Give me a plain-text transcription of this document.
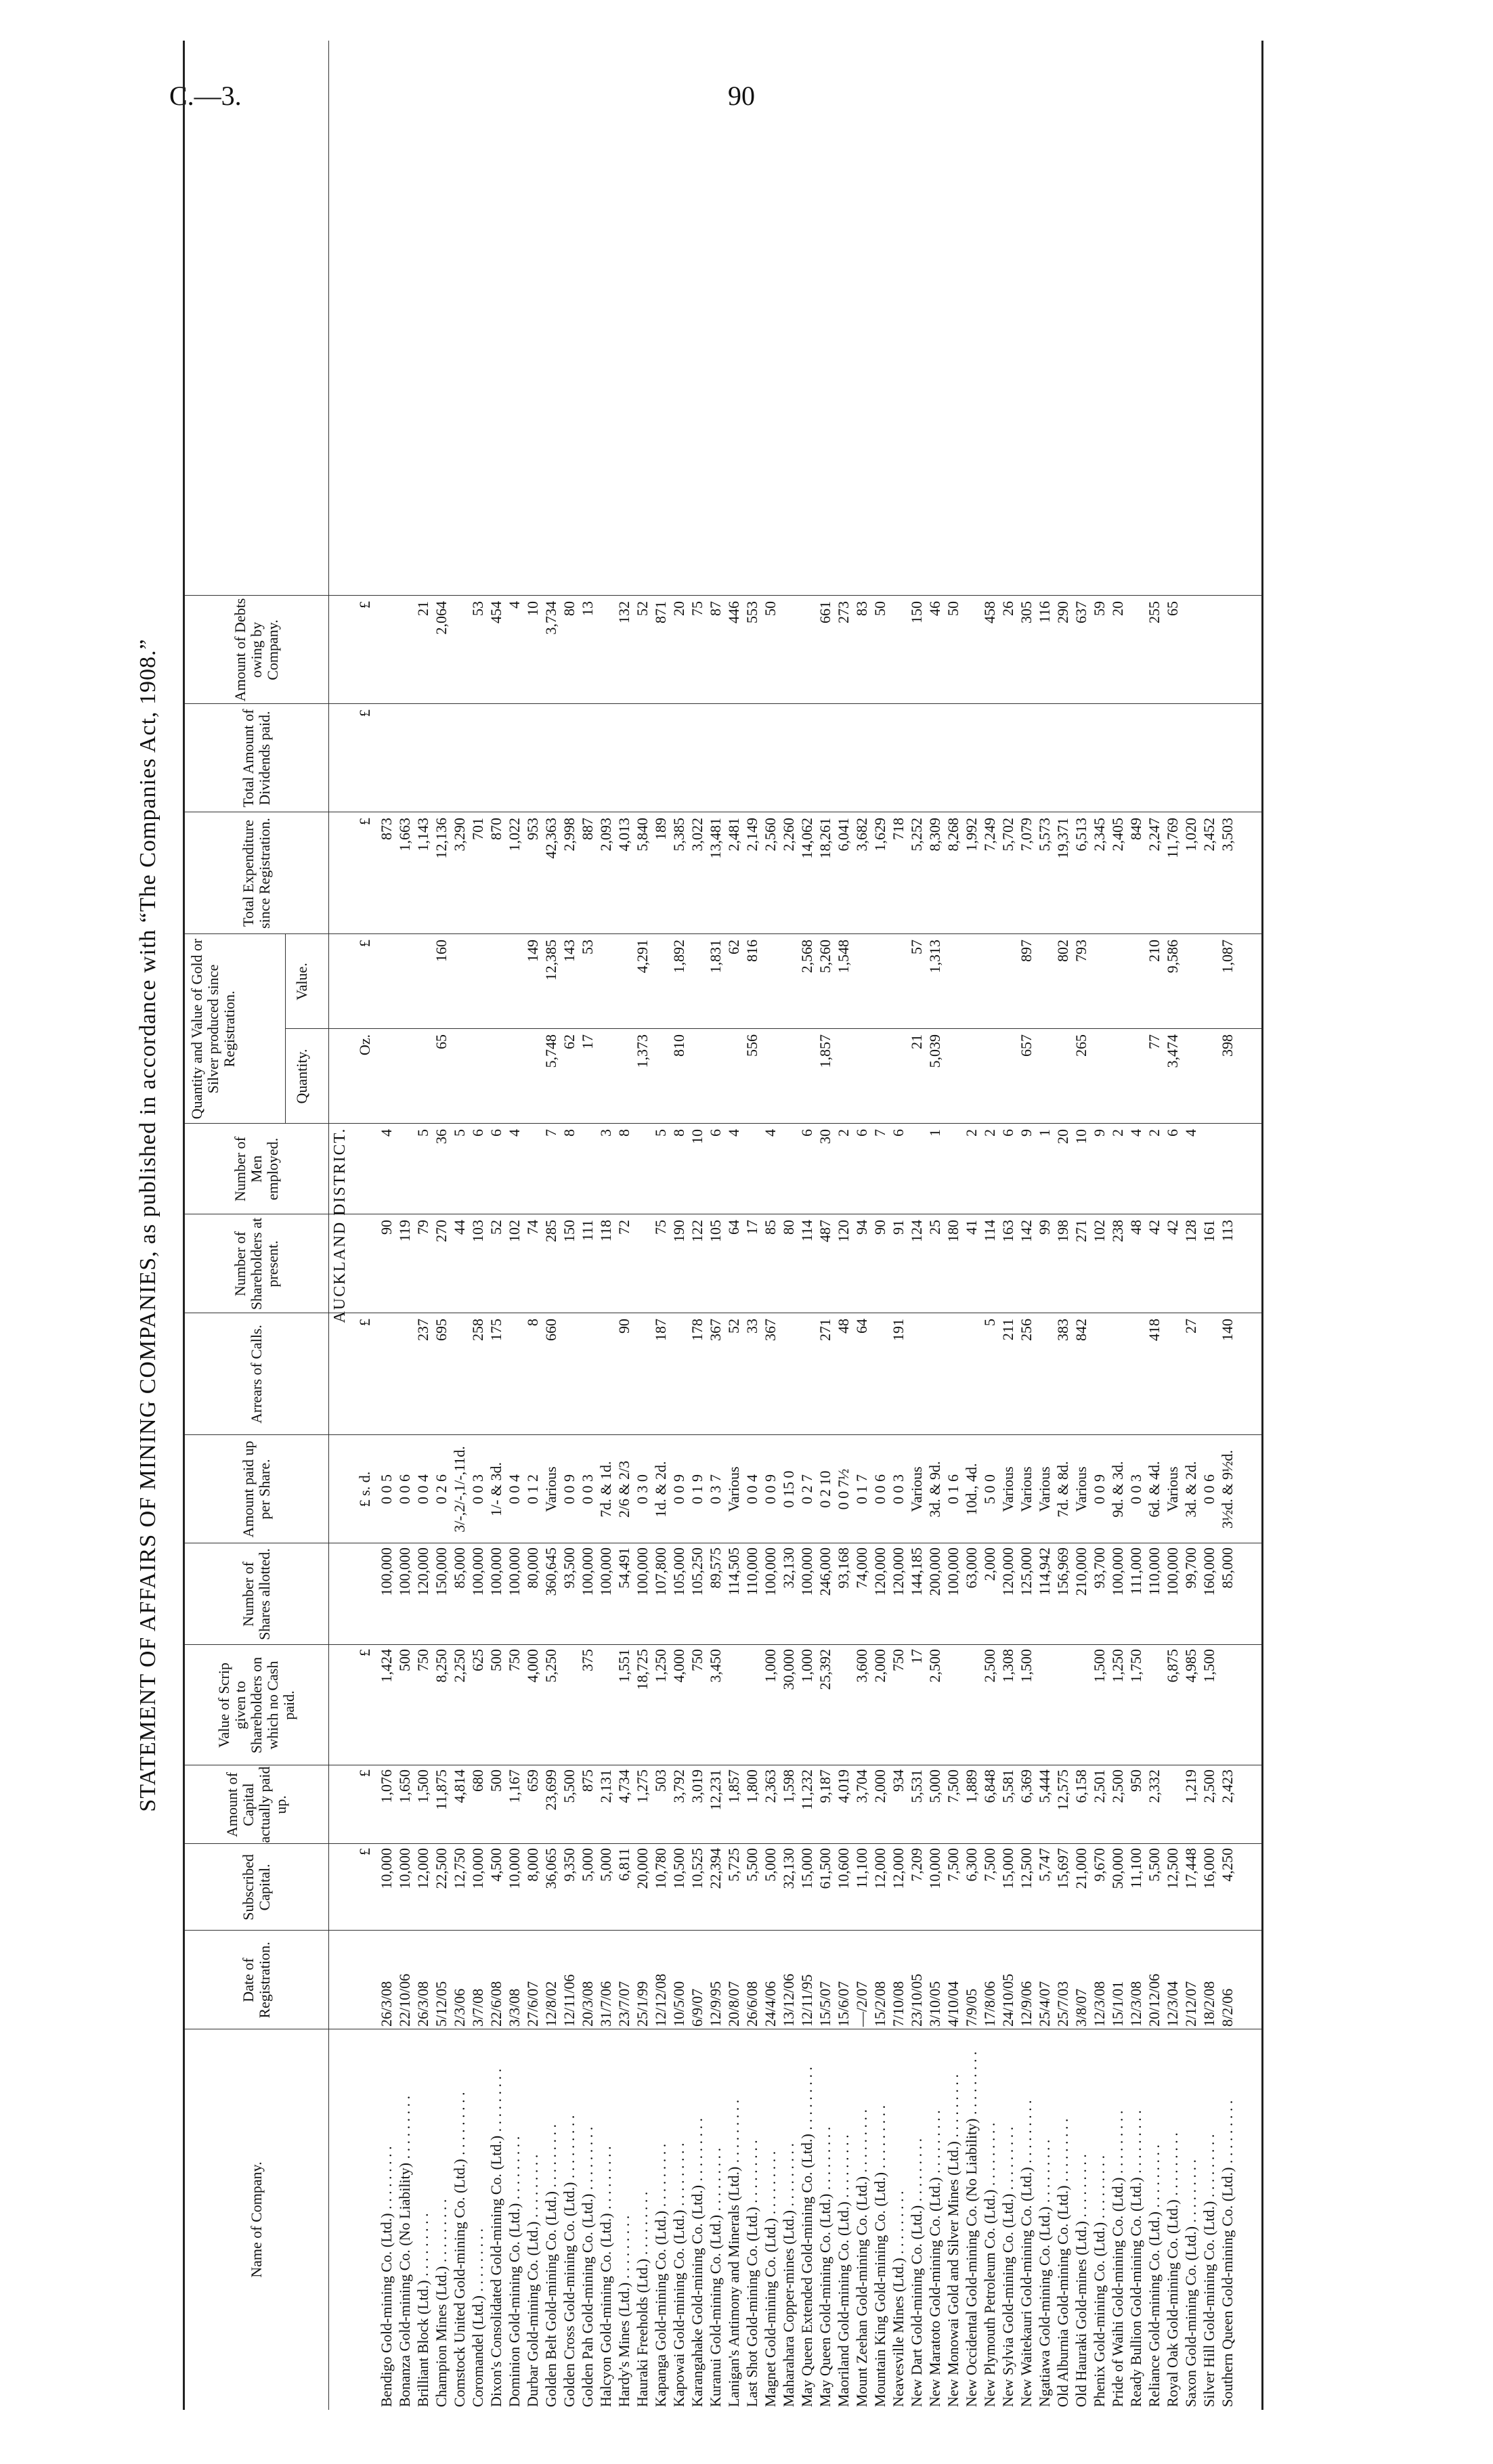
C.—3.	90
STATEMENT OF AFFAIRS OF MINING COMPANIES, as published in accordance with “The Companies Act, 1908.”
Name of Company.
Date of Registration.
Subscribed Capital.
Amount of Capital actually paid up.
Value of Scrip given to Shareholders on which no Cash paid.
Number of Shares allotted.
Amount paid up per Share.
Arrears of Calls.
Number of Shareholders at present.
Number of Men employed.
Quantity and Value of Gold or Silver produced since Registration.
Quantity.
Value.
Total Expenditure since Registration.
Total Amount of Dividends paid.
Amount of Debts owing by Company.
AUCKLAND DISTRICT.
£
£
£
£ s. d.
£
Oz.
£
£
£
£
Bendigo Gold-mining Co. (Ltd.) . . . . . . . . .
26/3/08
10,000
1,076
1,424
100,000
0 0 5
90
4
873
Bonanza Gold-mining Co. (No Liability) . . . . . . . . .
22/10/06
10,000
1,650
500
100,000
0 0 6
119
1,663
Brilliant Block (Ltd.) . . . . . . . . .
26/3/08
12,000
1,500
750
120,000
0 0 4
237
79
5
1,143
21
Champion Mines (Ltd.) . . . . . . . . .
5/12/05
22,500
11,875
8,250
150,000
0 2 6
695
270
36
65
160
12,136
2,064
Comstock United Gold-mining Co. (Ltd.) . . . . . . . . .
2/3/06
12,750
4,814
2,250
85,000
3/-,2/-,1/-,11d.
44
5
3,290
Coromandel (Ltd.) . . . . . . . . .
3/7/08
10,000
680
625
100,000
0 0 3
258
103
6
701
53
Dixon's Consolidated Gold-mining Co. (Ltd.) . . . . . . . . .
22/6/08
4,500
500
500
100,000
1/- & 3d.
175
52
6
870
454
Dominion Gold-mining Co. (Ltd.) . . . . . . . . .
3/3/08
10,000
1,167
750
100,000
0 0 4
102
4
1,022
4
Durbar Gold-mining Co. (Ltd.) . . . . . . . . .
27/6/07
8,000
659
4,000
80,000
0 1 2
8
74
149
953
10
Golden Belt Gold-mining Co. (Ltd.) . . . . . . . . .
12/8/02
36,065
23,699
5,250
360,645
Various
660
285
7
5,748
12,385
42,363
3,734
Golden Cross Gold-mining Co. (Ltd.) . . . . . . . . .
12/11/06
9,350
5,500
93,500
0 0 9
150
8
62
143
2,998
80
Golden Pah Gold-mining Co. (Ltd.) . . . . . . . . .
20/3/08
5,000
875
375
100,000
0 0 3
111
17
53
887
13
Halcyon Gold-mining Co. (Ltd.) . . . . . . . . .
31/7/06
5,000
2,131
100,000
7d. & 1d.
118
3
2,093
Hardy's Mines (Ltd.) . . . . . . . . .
23/7/07
6,811
4,734
1,551
54,491
2/6 & 2/3
90
72
8
4,013
132
Hauraki Freeholds (Ltd.) . . . . . . . . .
25/1/99
20,000
1,275
18,725
100,000
0 3 0
1,373
4,291
5,840
52
Kapanga Gold-mining Co. (Ltd.) . . . . . . . . .
12/12/08
10,780
503
1,250
107,800
1d. & 2d.
187
75
5
189
871
Kapowai Gold-mining Co. (Ltd.) . . . . . . . . .
10/5/00
10,500
3,792
4,000
105,000
0 0 9
190
8
810
1,892
5,385
20
Karangahake Gold-mining Co. (Ltd.) . . . . . . . . .
6/9/07
10,525
3,019
750
105,250
0 1 9
178
122
10
3,022
75
Kuranui Gold-mining Co. (Ltd.) . . . . . . . . .
12/9/95
22,394
12,231
3,450
89,575
0 3 7
367
105
6
1,831
13,481
87
Lanigan's Antimony and Minerals (Ltd.) . . . . . . . . .
20/8/07
5,725
1,857
114,505
Various
52
64
4
62
2,481
446
Last Shot Gold-mining Co. (Ltd.) . . . . . . . . .
26/6/08
5,500
1,800
110,000
0 0 4
33
17
556
816
2,149
553
Magnet Gold-mining Co. (Ltd.) . . . . . . . . .
24/4/06
5,000
2,363
1,000
100,000
0 0 9
367
85
4
2,560
50
Maharahara Copper-mines (Ltd.) . . . . . . . . .
13/12/06
32,130
1,598
30,000
32,130
0 15 0
80
2,260
May Queen Extended Gold-mining Co. (Ltd.) . . . . . . . . .
12/11/95
15,000
11,232
1,000
100,000
0 2 7
114
6
2,568
14,062
May Queen Gold-mining Co. (Ltd.) . . . . . . . . .
15/5/07
61,500
9,187
25,392
246,000
0 2 10
271
487
30
1,857
5,260
18,261
661
Maoriland Gold-mining Co. (Ltd.) . . . . . . . . .
15/6/07
10,600
4,019
93,168
0 0 7½
48
120
2
1,548
6,041
273
Mount Zeehan Gold-mining Co. (Ltd.) . . . . . . . . .
—/2/07
11,100
3,704
3,600
74,000
0 1 7
64
94
6
3,682
83
Mountain King Gold-mining Co. (Ltd.) . . . . . . . . .
15/2/08
12,000
2,000
2,000
120,000
0 0 6
90
7
1,629
50
Neavesville Mines (Ltd.) . . . . . . . . .
7/10/08
12,000
934
750
120,000
0 0 3
191
91
6
718
New Dart Gold-mining Co. (Ltd.) . . . . . . . . .
23/10/05
7,209
5,531
17
144,185
Various
124
21
57
5,252
150
New Maratoto Gold-mining Co. (Ltd.) . . . . . . . . .
3/10/05
10,000
5,000
2,500
200,000
3d. & 9d.
25
1
5,039
1,313
8,309
46
New Monowai Gold and Silver Mines (Ltd.) . . . . . . . . .
4/10/04
7,500
7,500
100,000
0 1 6
180
8,268
50
New Occidental Gold-mining Co. (No Liability) . . . . . . . . .
7/9/05
6,300
1,889
63,000
10d., 4d.
41
2
1,992
New Plymouth Petroleum Co. (Ltd.) . . . . . . . . .
17/8/06
7,500
6,848
2,500
2,000
5 0 0
5
114
2
7,249
458
New Sylvia Gold-mining Co. (Ltd.) . . . . . . . . .
24/10/05
15,000
5,581
1,308
120,000
Various
211
163
6
5,702
26
New Waitekauri Gold-mining Co. (Ltd.) . . . . . . . . .
12/9/06
12,500
6,369
1,500
125,000
Various
256
142
9
657
897
7,079
305
Ngatiawa Gold-mining Co. (Ltd.) . . . . . . . . .
25/4/07
5,747
5,444
114,942
Various
99
1
5,573
116
Old Alburnia Gold-mining Co. (Ltd.) . . . . . . . . .
25/7/03
15,697
12,575
156,969
7d. & 8d.
383
198
20
802
19,371
290
Old Hauraki Gold-mines (Ltd.) . . . . . . . . .
3/8/07
21,000
6,158
210,000
Various
842
271
10
265
793
6,513
637
Phenix Gold-mining Co. (Ltd.) . . . . . . . . .
12/3/08
9,670
2,501
1,500
93,700
0 0 9
102
9
2,345
59
Pride of Waihi Gold-mining Co. (Ltd.) . . . . . . . . .
15/1/01
50,000
2,500
1,250
100,000
9d. & 3d.
238
2
2,405
20
Ready Bullion Gold-mining Co. (Ltd.) . . . . . . . . .
12/3/08
11,100
950
1,750
111,000
0 0 3
48
4
849
Reliance Gold-mining Co. (Ltd.) . . . . . . . . .
20/12/06
5,500
2,332
110,000
6d. & 4d.
418
42
2
77
210
2,247
255
Royal Oak Gold-mining Co. (Ltd.) . . . . . . . . .
12/3/04
12,500
6,875
100,000
Various
42
6
3,474
9,586
11,769
65
Saxon Gold-mining Co. (Ltd.) . . . . . . . . .
2/12/07
17,448
1,219
4,985
99,700
3d. & 2d.
27
128
4
1,020
Silver Hill Gold-mining Co. (Ltd.) . . . . . . . . .
18/2/08
16,000
2,500
1,500
160,000
0 0 6
161
2,452
Southern Queen Gold-mining Co. (Ltd.) . . . . . . . . .
8/2/06
4,250
2,423
85,000
3½d. & 9½d.
140
113
398
1,087
3,503
